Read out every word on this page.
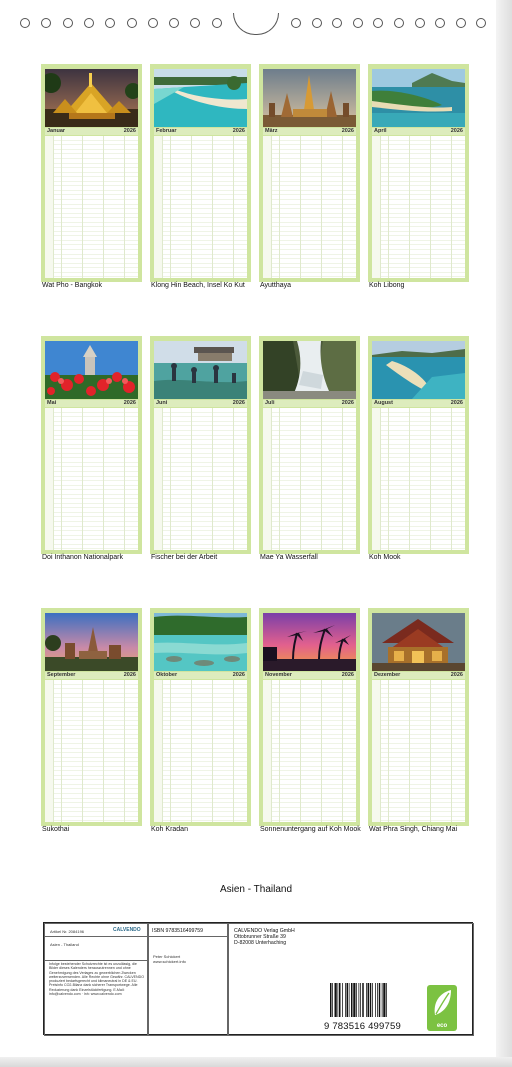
Januar	2026
Wat Pho - Bangkok
Februar	2026
Klong Hin Beach, Insel Ko Kut
März	2026
Ayutthaya
April	2026
Koh Libong
Mai	2026
Doi Inthanon Nationalpark
Juni	2026
Fischer bei der Arbeit
Juli	2026
Mae Ya Wasserfall
August	2026
Koh Mook
September	2026
Sukothai
Oktober	2026
Koh Kradan
November	2026
Sonnenuntergang auf Koh Mook
Dezember	2026
Wat Phra Singh, Chiang Mai
Asien - Thailand
Artikel Nr. 2084196	CALVENDO
Asien - Thailand
Infolge bestehender Schutzrechte ist es unzulässig, die Bilder dieses Kalenders herauszutrennen und ohne Genehmigung des Verlages zu gewerblichen Zwecken weiterzuverwenden. Alle Rechte ohne Gewähr. CALVENDO produziert bedarfsgerecht und klimaneutral in DE & EU. Preisinfo CO2-Bilanz dank sicherer Transportwege. Alle Reduzierung dank Einzelstückfertigung. E-Mail: info@calvendo.com · Inh: www.calvendo.com
ISBN 9783516499759
Peter Schickert
www.schickert.info
CALVENDO Verlag GmbH
Ottobrunner Straße 39
D-82008 Unterhaching
9 783516 499759	eco
